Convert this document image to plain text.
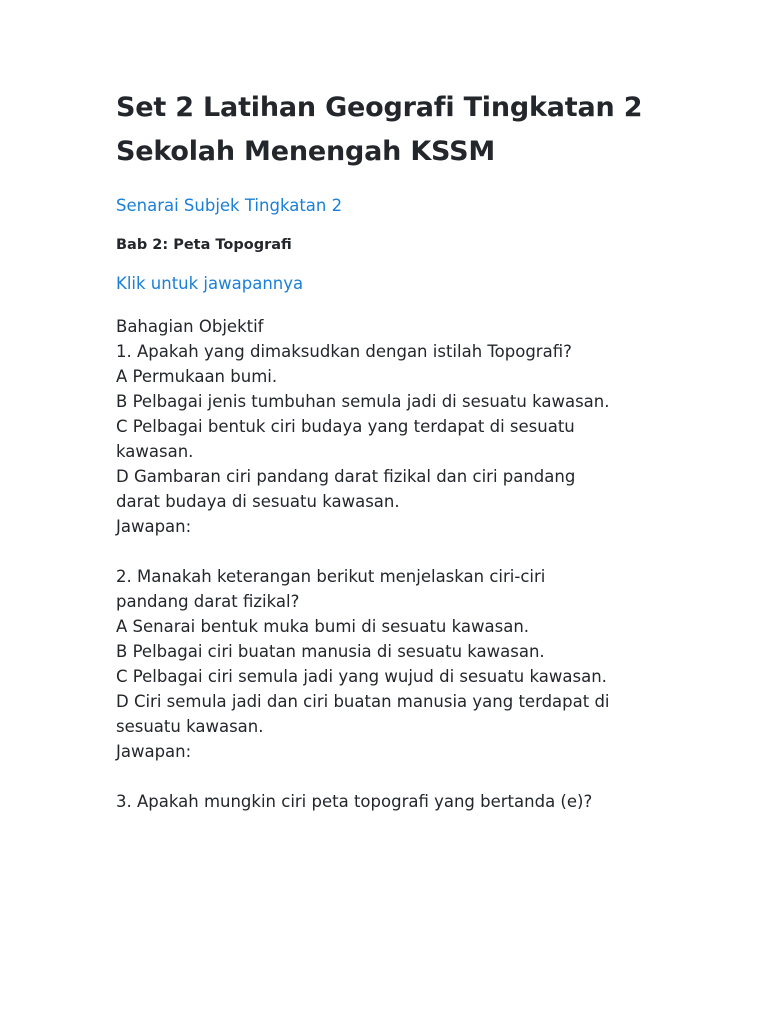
Set 2 Latihan Geografi Tingkatan 2
Sekolah Menengah KSSM
Senarai Subjek Tingkatan 2
Bab 2: Peta Topografi
Klik untuk jawapannya
Bahagian Objektif
1. Apakah yang dimaksudkan dengan istilah Topografi?
A Permukaan bumi.
B Pelbagai jenis tumbuhan semula jadi di sesuatu kawasan.
C Pelbagai bentuk ciri budaya yang terdapat di sesuatu
kawasan.
D Gambaran ciri pandang darat fizikal dan ciri pandang
darat budaya di sesuatu kawasan.
Jawapan:
2. Manakah keterangan berikut menjelaskan ciri-ciri
pandang darat fizikal?
A Senarai bentuk muka bumi di sesuatu kawasan.
B Pelbagai ciri buatan manusia di sesuatu kawasan.
C Pelbagai ciri semula jadi yang wujud di sesuatu kawasan.
D Ciri semula jadi dan ciri buatan manusia yang terdapat di
sesuatu kawasan.
Jawapan:
3. Apakah mungkin ciri peta topografi yang bertanda (e)?
